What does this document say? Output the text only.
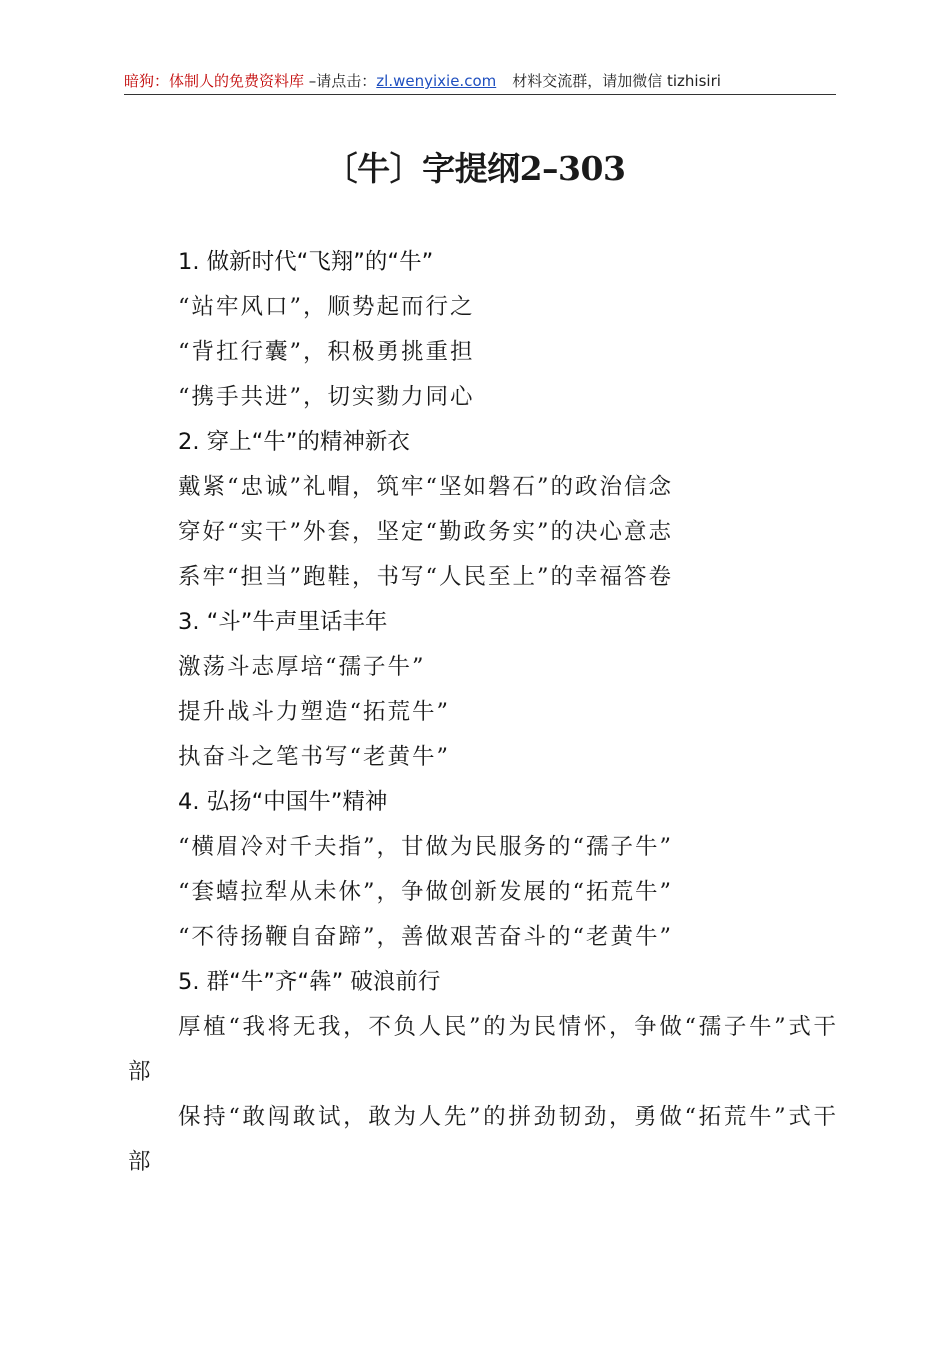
暗狗：体制人的免费资料库 –请点击：zl.wenyixie.com 材料交流群，请加微信 tizhisiri
〔牛〕字提纲2–303
1. 做新时代“飞翔”的“牛”
“站牢风口”，顺势起而行之
“背扛行囊”，积极勇挑重担
“携手共进”，切实勠力同心
2. 穿上“牛”的精神新衣
戴紧“忠诚”礼帽，筑牢“坚如磐石”的政治信念
穿好“实干”外套，坚定“勤政务实”的决心意志
系牢“担当”跑鞋，书写“人民至上”的幸福答卷
3. “斗”牛声里话丰年
激荡斗志厚培“孺子牛”
提升战斗力塑造“拓荒牛”
执奋斗之笔书写“老黄牛”
4. 弘扬“中国牛”精神
“横眉冷对千夫指”，甘做为民服务的“孺子牛”
“套蟢拉犁从未休”，争做创新发展的“拓荒牛”
“不待扬鞭自奋蹄”，善做艰苦奋斗的“老黄牛”
5. 群“牛”齐“犇” 破浪前行
厚植“我将无我，不负人民”的为民情怀，争做“孺子牛”式干部
保持“敢闯敢试，敢为人先”的拼劲韧劲，勇做“拓荒牛”式干部
